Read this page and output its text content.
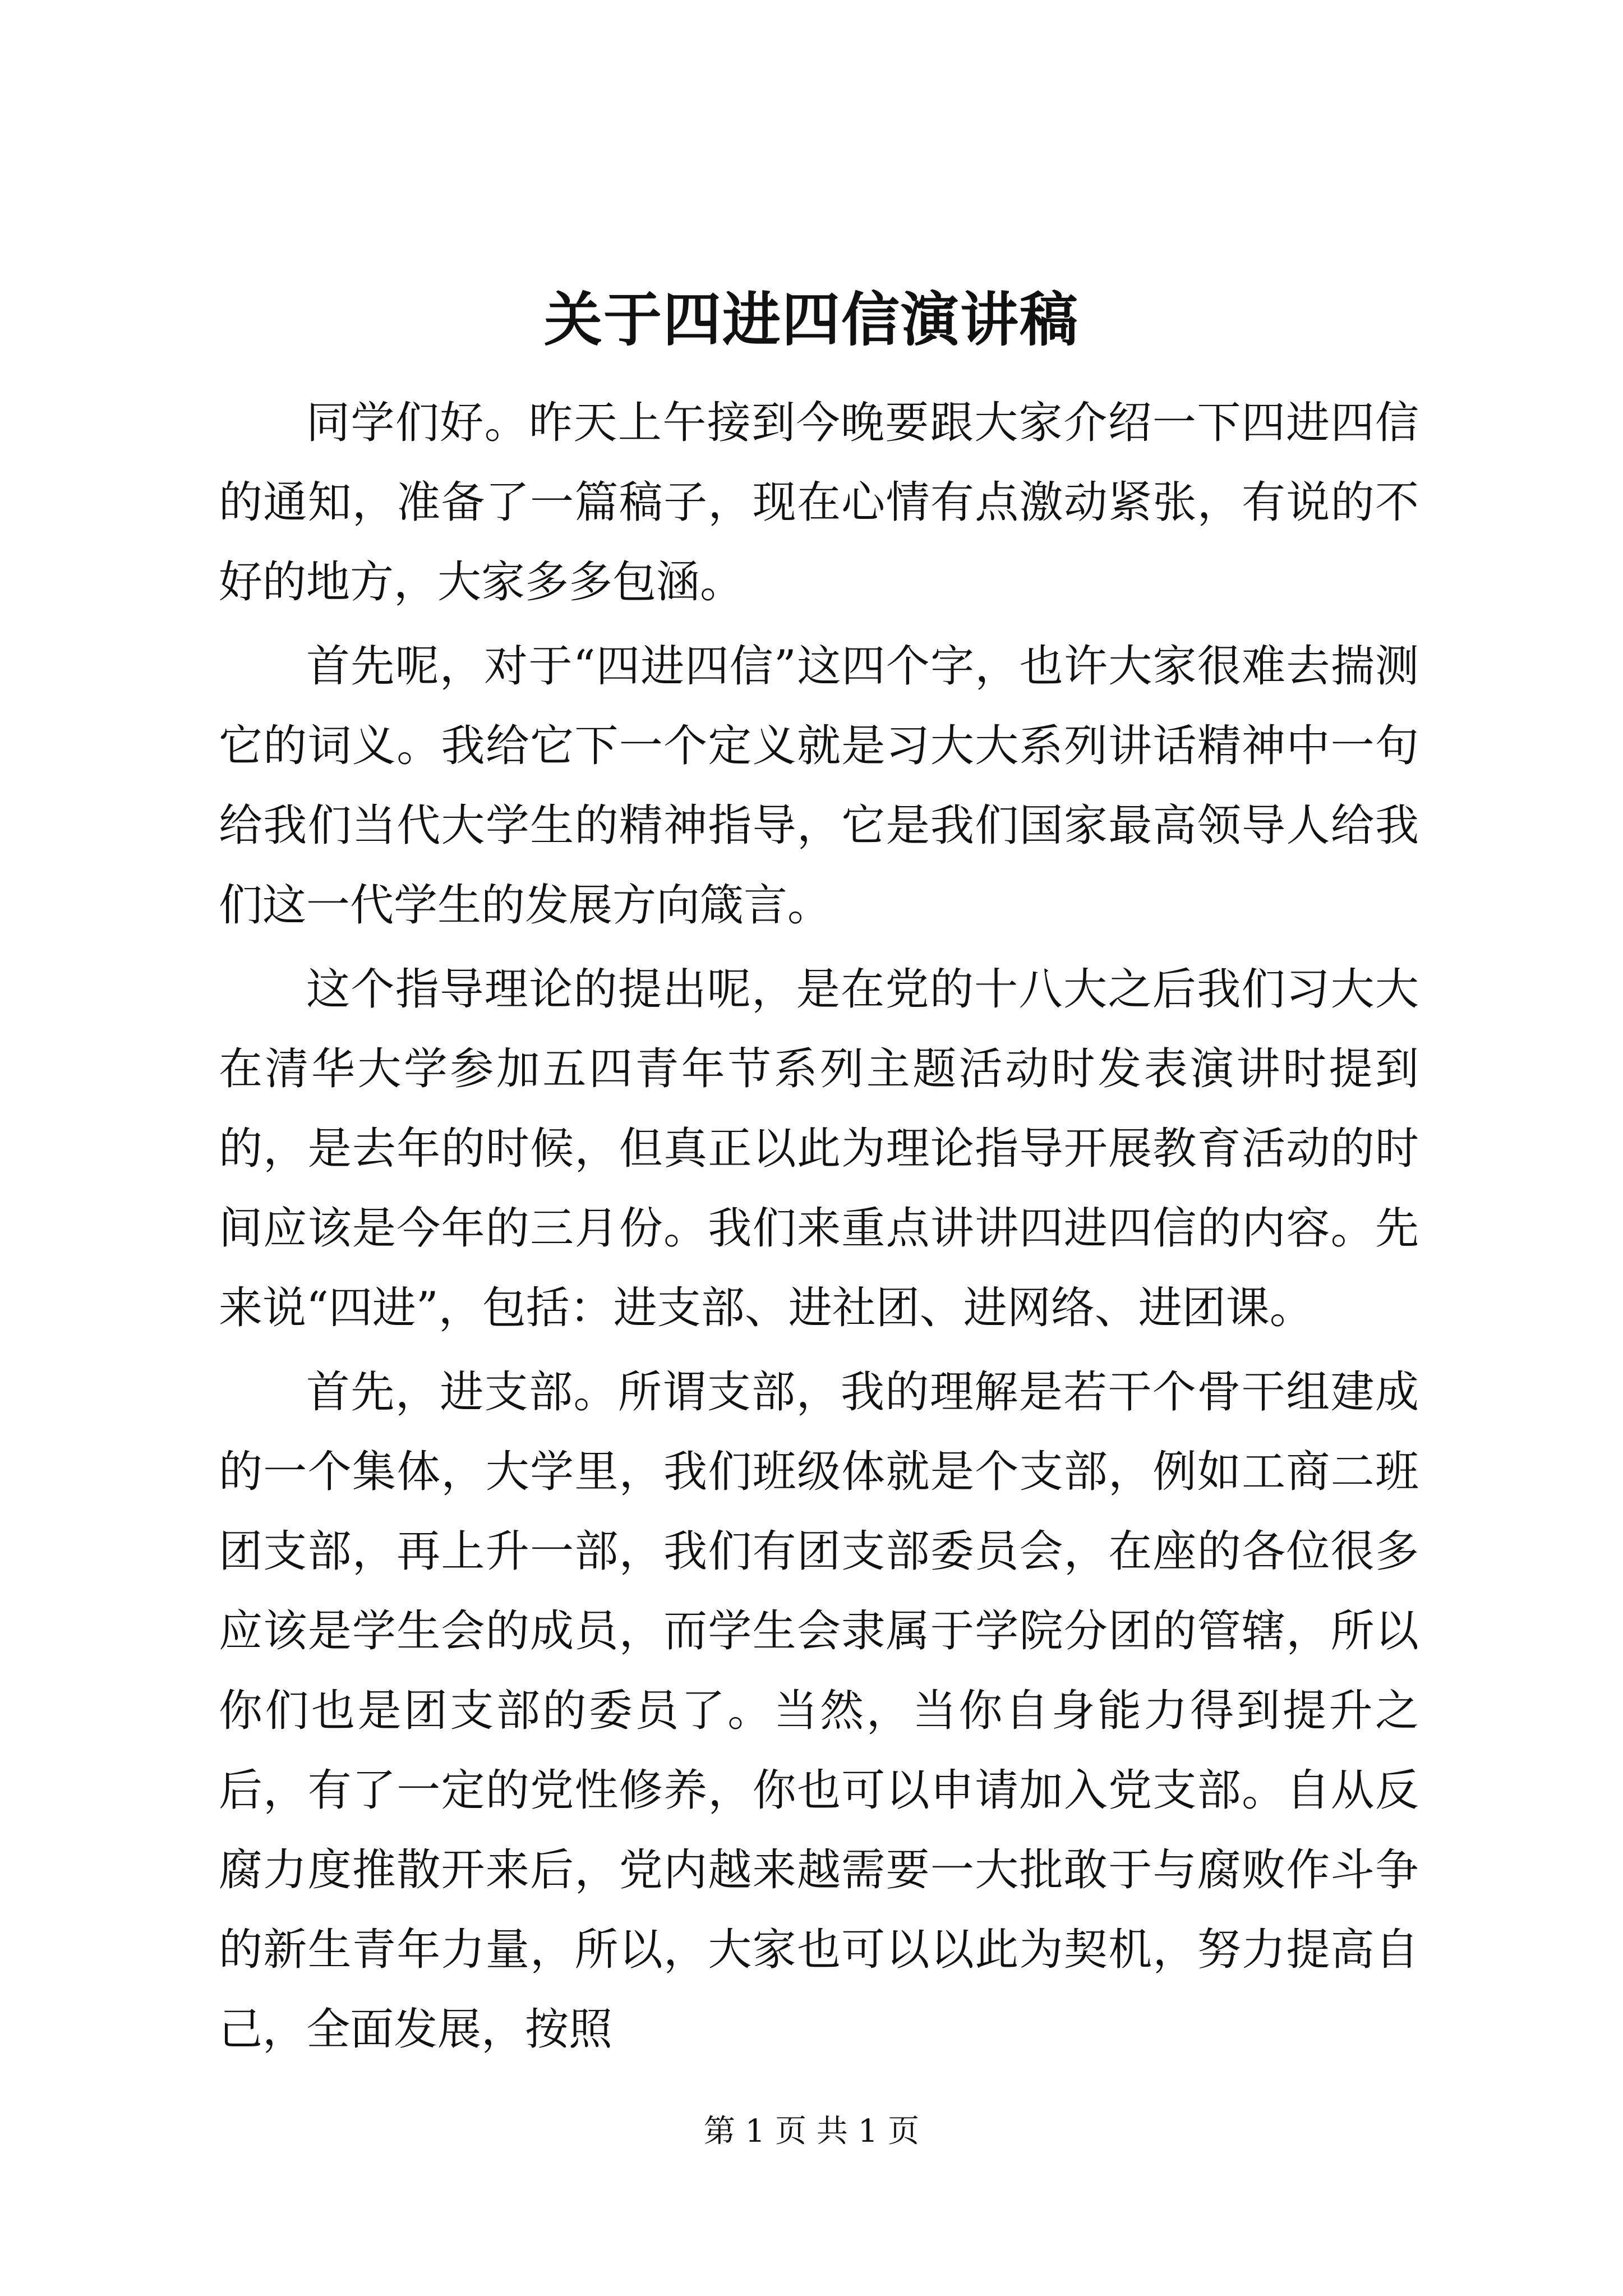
关于四进四信演讲稿

同学们好。昨天上午接到今晚要跟大家介绍一下四进四信的通知，准备了一篇稿子，现在心情有点激动紧张，有说的不好的地方，大家多多包涵。

首先呢，对于“四进四信”这四个字，也许大家很难去揣测它的词义。我给它下一个定义就是习大大系列讲话精神中一句给我们当代大学生的精神指导，它是我们国家最高领导人给我们这一代学生的发展方向箴言。

这个指导理论的提出呢，是在党的十八大之后我们习大大在清华大学参加五四青年节系列主题活动时发表演讲时提到的，是去年的时候，但真正以此为理论指导开展教育活动的时间应该是今年的三月份。我们来重点讲讲四进四信的内容。先来说“四进”，包括：进支部、进社团、进网络、进团课。

首先，进支部。所谓支部，我的理解是若干个骨干组建成的一个集体，大学里，我们班级体就是个支部，例如工商二班团支部，再上升一部，我们有团支部委员会，在座的各位很多应该是学生会的成员，而学生会隶属于学院分团的管辖，所以你们也是团支部的委员了。当然，当你自身能力得到提升之后，有了一定的党性修养，你也可以申请加入党支部。自从反腐力度推散开来后，党内越来越需要一大批敢于与腐败作斗争的新生青年力量，所以，大家也可以以此为契机，努力提高自己，全面发展，按照

第 1 页 共 1 页
